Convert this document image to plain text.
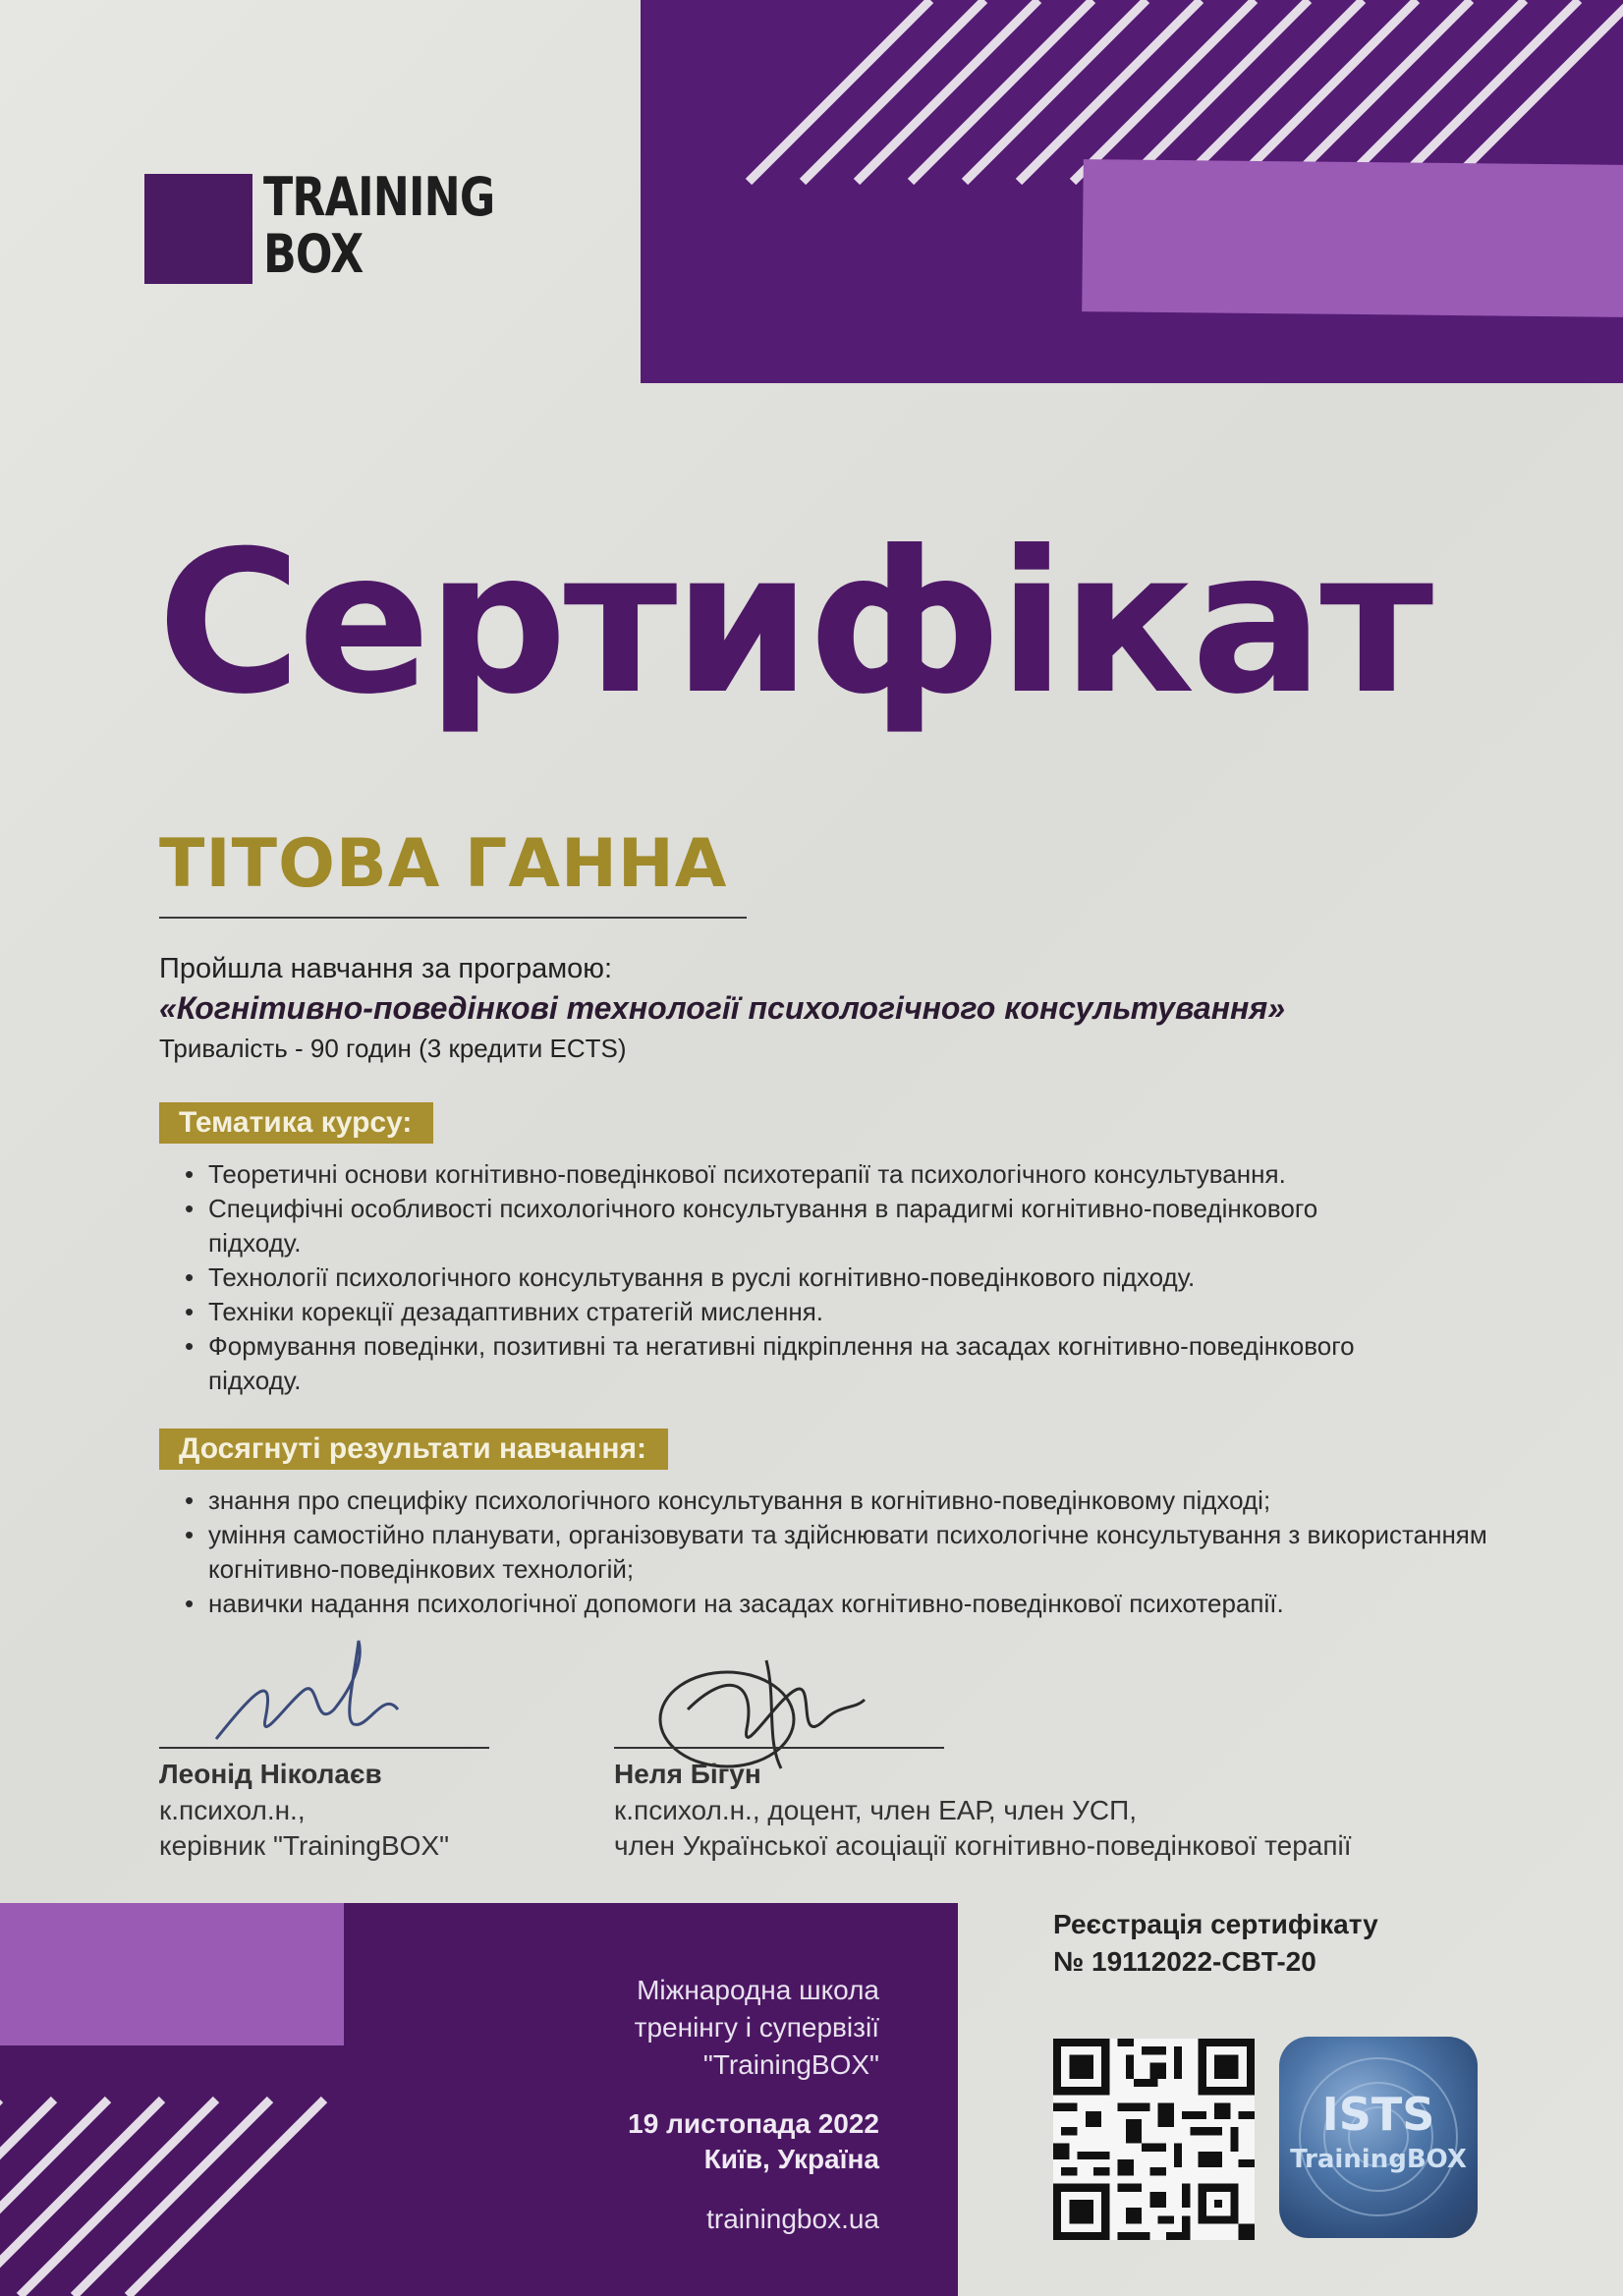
TRAINING
BOX
Сертифікат
ТІТОВА ГАННА
Пройшла навчання за програмою:
«Когнітивно-поведінкові технології психологічного консультування»
Тривалість - 90 годин (3 кредити ECTS)
Тематика курсу:
• Теоретичні основи когнітивно-поведінкової психотерапії та психологічного консультування.
• Специфічні особливості психологічного консультування в парадигмі когнітивно-поведінкового підходу.
• Технології психологічного консультування в руслі когнітивно-поведінкового підходу.
• Техніки корекції дезадаптивних стратегій мислення.
• Формування поведінки, позитивні та негативні підкріплення на засадах когнітивно-поведінкового підходу.
Досягнуті результати навчання:
• знання про специфіку психологічного консультування в когнітивно-поведінковому підході;
• уміння самостійно планувати, організовувати та здійснювати психологічне консультування з використанням когнітивно-поведінкових технологій;
• навички надання психологічної допомоги на засадах когнітивно-поведінкової психотерапії.
Леонід Ніколаєв
к.психол.н.,
керівник "TrainingBOX"
Неля Бігун
к.психол.н., доцент, член ЕАР, член УСП,
член Української асоціації когнітивно-поведінкової терапії
Міжнародна школа
тренінгу і супервізії
"TrainingBOX"
19 листопада 2022
Київ, Україна
trainingbox.ua
Реєстрація сертифікату
№ 19112022-CBT-20
ISTS
TrainingBOX
